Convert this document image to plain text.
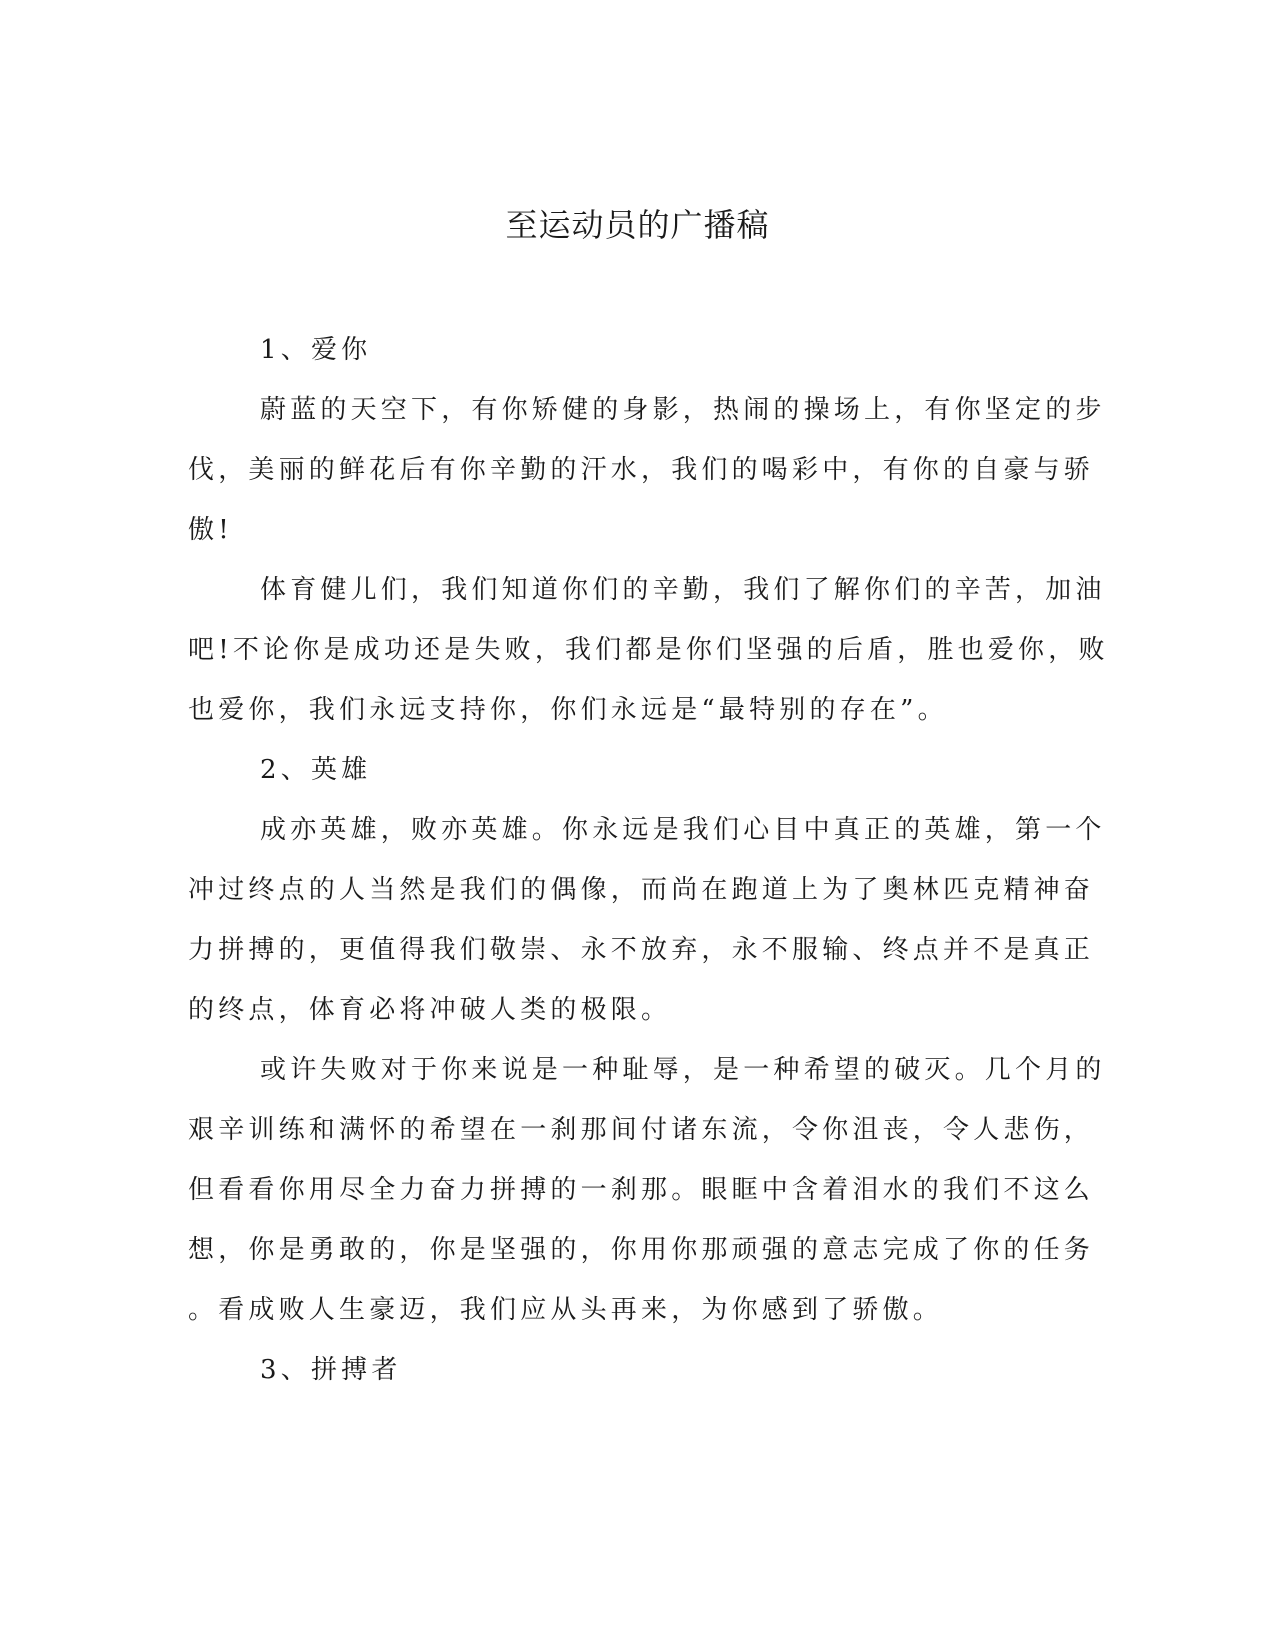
至运动员的广播稿

1、爱你

蔚蓝的天空下，有你矫健的身影，热闹的操场上，有你坚定的步
伐，美丽的鲜花后有你辛勤的汗水，我们的喝彩中，有你的自豪与骄
傲!

体育健儿们，我们知道你们的辛勤，我们了解你们的辛苦，加油
吧!不论你是成功还是失败，我们都是你们坚强的后盾，胜也爱你，败
也爱你，我们永远支持你，你们永远是“最特别的存在”。

2、英雄

成亦英雄，败亦英雄。你永远是我们心目中真正的英雄，第一个
冲过终点的人当然是我们的偶像，而尚在跑道上为了奥林匹克精神奋
力拼搏的，更值得我们敬崇、永不放弃，永不服输、终点并不是真正
的终点，体育必将冲破人类的极限。

或许失败对于你来说是一种耻辱，是一种希望的破灭。几个月的
艰辛训练和满怀的希望在一刹那间付诸东流，令你沮丧，令人悲伤，
但看看你用尽全力奋力拼搏的一刹那。眼眶中含着泪水的我们不这么
想，你是勇敢的，你是坚强的，你用你那顽强的意志完成了你的任务
。看成败人生豪迈，我们应从头再来，为你感到了骄傲。

3、拼搏者
